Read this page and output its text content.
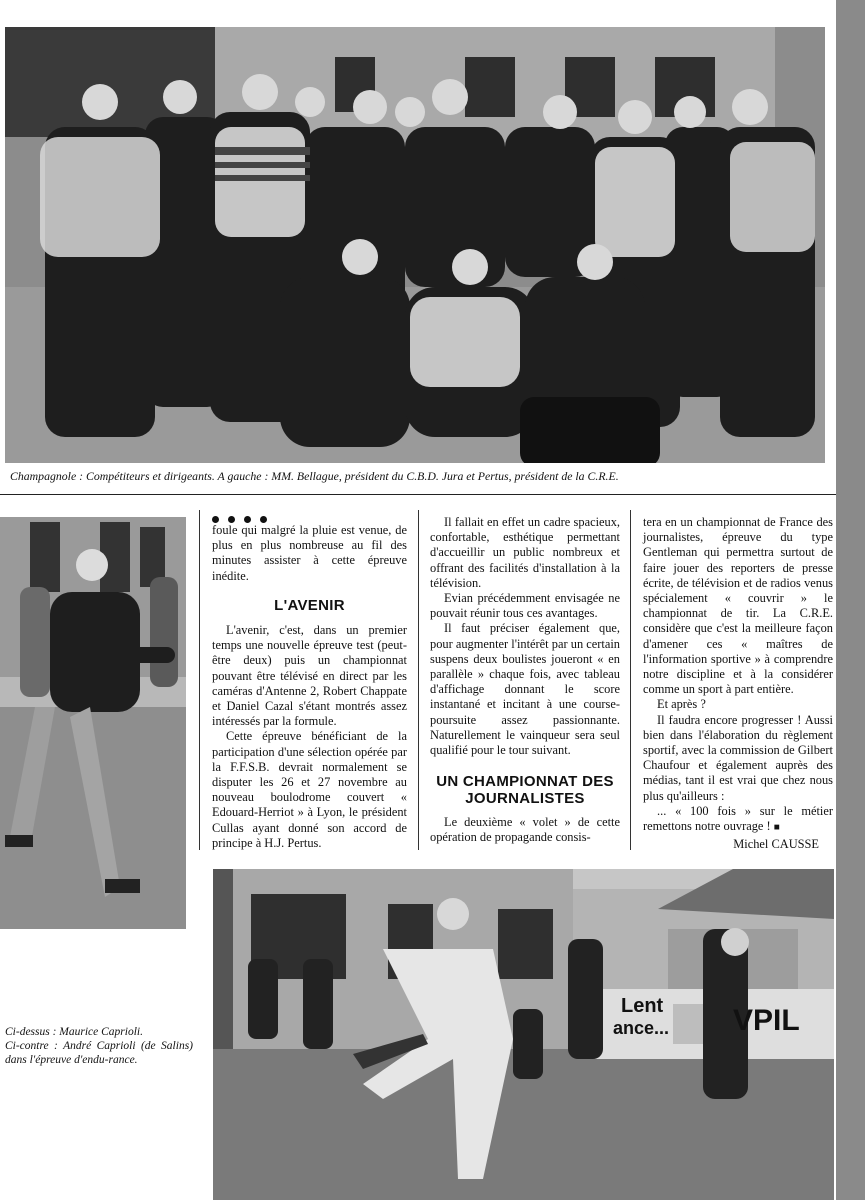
Champagnole : Compétiteurs et dirigeants. A gauche : MM. Bellague, président du C.B.D. Jura et Pertus, président de la C.R.E.
Ci-dessus : Maurice Caprioli.
Ci-contre : André Caprioli (de Salins) dans l'épreuve d'endu-rance.

foule qui malgré la pluie est venue, de plus en plus nombreuse au fil des minutes assister à cette épreuve inédite.

L'AVENIR

L'avenir, c'est, dans un premier temps une nouvelle épreuve test (peut-être deux) puis un championnat pouvant être télévisé en direct par les caméras d'Antenne 2, Robert Chappate et Daniel Cazal s'étant montrés assez intéressés par la formule.

Cette épreuve bénéficiant de la participation d'une sélection opérée par la F.F.S.B. devrait normalement se disputer les 26 et 27 novembre au nouveau boulodrome couvert « Edouard-Herriot » à Lyon, le président Cullas ayant donné son accord de principe à H.J. Pertus.

Il fallait en effet un cadre spacieux, confortable, esthétique permettant d'accueillir un public nombreux et offrant des facilités d'installation à la télévision.

Evian précédemment envisagée ne pouvait réunir tous ces avantages.

Il faut préciser également que, pour augmenter l'intérêt par un certain suspens deux boulistes joueront « en parallèle » chaque fois, avec tableau d'affichage donnant le score instantané et incitant à une course-poursuite assez passionnante. Naturellement le vainqueur sera seul qualifié pour le tour suivant.

UN CHAMPIONNAT DES JOURNALISTES

Le deuxième « volet » de cette opération de propagande consis-

tera en un championnat de France des journalistes, épreuve du type Gentleman qui permettra surtout de faire jouer des reporters de presse écrite, de télévision et de radios venus spécialement « couvrir » le championnat de tir. La C.R.E. considère que c'est la meilleure façon d'amener ces « maîtres de l'information sportive » à comprendre notre discipline et à la considérer comme un sport à part entière.

Et après ?

Il faudra encore progresser ! Aussi bien dans l'élaboration du règlement sportif, avec la commission de Gilbert Chaufour et également auprès des médias, tant il est vrai que chez nous plus qu'ailleurs :

... « 100 fois » sur le métier remettons notre ouvrage ! ■

Michel CAUSSE
Lent
ance... VPIL
